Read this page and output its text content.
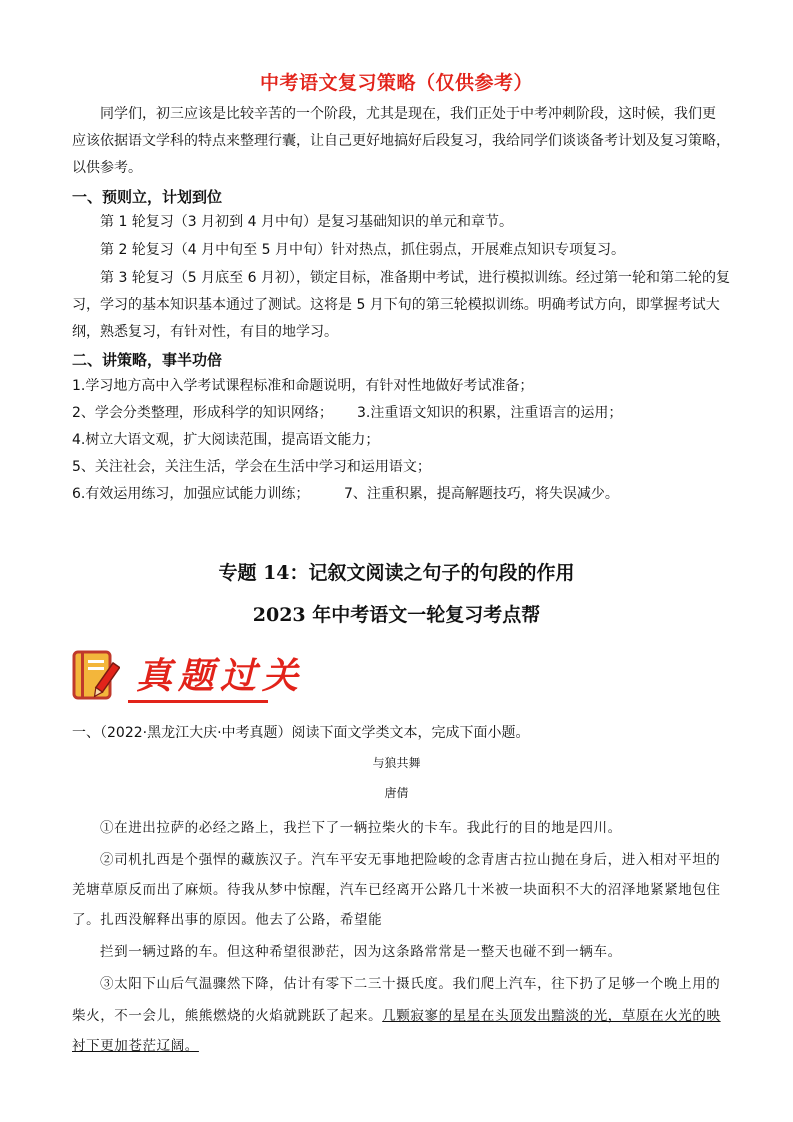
中考语文复习策略（仅供参考）
同学们，初三应该是比较辛苦的一个阶段，尤其是现在，我们正处于中考冲刺阶段，这时候，我们更
应该依据语文学科的特点来整理行囊，让自己更好地搞好后段复习，我给同学们谈谈备考计划及复习策略，
以供参考。
一、预则立，计划到位
第 1 轮复习（3 月初到 4 月中旬）是复习基础知识的单元和章节。
第 2 轮复习（4 月中旬至 5 月中旬）针对热点，抓住弱点，开展难点知识专项复习。
第 3 轮复习（5 月底至 6 月初），锁定目标，准备期中考试，进行模拟训练。经过第一轮和第二轮的复
习，学习的基本知识基本通过了测试。这将是 5 月下旬的第三轮模拟训练。明确考试方向，即掌握考试大
纲，熟悉复习，有针对性，有目的地学习。
二、讲策略，事半功倍
1.学习地方高中入学考试课程标准和命题说明，有针对性地做好考试准备；
2、学会分类整理，形成科学的知识网络； 3.注重语文知识的积累，注重语言的运用；
4.树立大语文观，扩大阅读范围，提高语文能力；
5、关注社会，关注生活，学会在生活中学习和运用语文；
6.有效运用练习，加强应试能力训练； 7、注重积累，提高解题技巧，将失误减少。
专题 14：记叙文阅读之句子的句段的作用
2023 年中考语文一轮复习考点帮
真题过关
一、（2022·黑龙江大庆·中考真题）阅读下面文学类文本，完成下面小题。
与狼共舞
唐倩
①在进出拉萨的必经之路上，我拦下了一辆拉柴火的卡车。我此行的目的地是四川。
②司机扎西是个强悍的藏族汉子。汽车平安无事地把险峻的念青唐古拉山抛在身后，进入相对平坦的
羌塘草原反而出了麻烦。待我从梦中惊醒，汽车已经离开公路几十米被一块面积不大的沼泽地紧紧地包住
了。扎西没解释出事的原因。他去了公路，希望能
拦到一辆过路的车。但这种希望很渺茫，因为这条路常常是一整天也碰不到一辆车。
③太阳下山后气温骤然下降，估计有零下二三十摄氏度。我们爬上汽车，往下扔了足够一个晚上用的
柴火，不一会儿，熊熊燃烧的火焰就跳跃了起来。几颗寂寥的星星在头顶发出黯淡的光，草原在火光的映
衬下更加苍茫辽阔。
